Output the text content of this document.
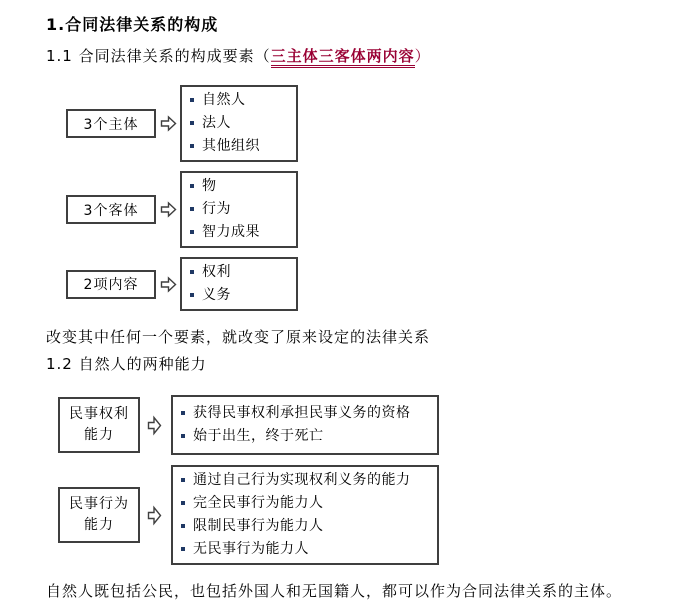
1.合同法律关系的构成

1.1 合同法律关系的构成要素（三主体三客体两内容）

3个主体
自然人
法人
其他组织
3个客体
物
行为
智力成果
2项内容
权利
义务

改变其中任何一个要素，就改变了原来设定的法律关系

1.2 自然人的两种能力

民事权利
能力
获得民事权利承担民事义务的资格
始于出生，终于死亡
民事行为
能力
通过自己行为实现权利义务的能力
完全民事行为能力人
限制民事行为能力人
无民事行为能力人

自然人既包括公民，也包括外国人和无国籍人，都可以作为合同法律关系的主体。
